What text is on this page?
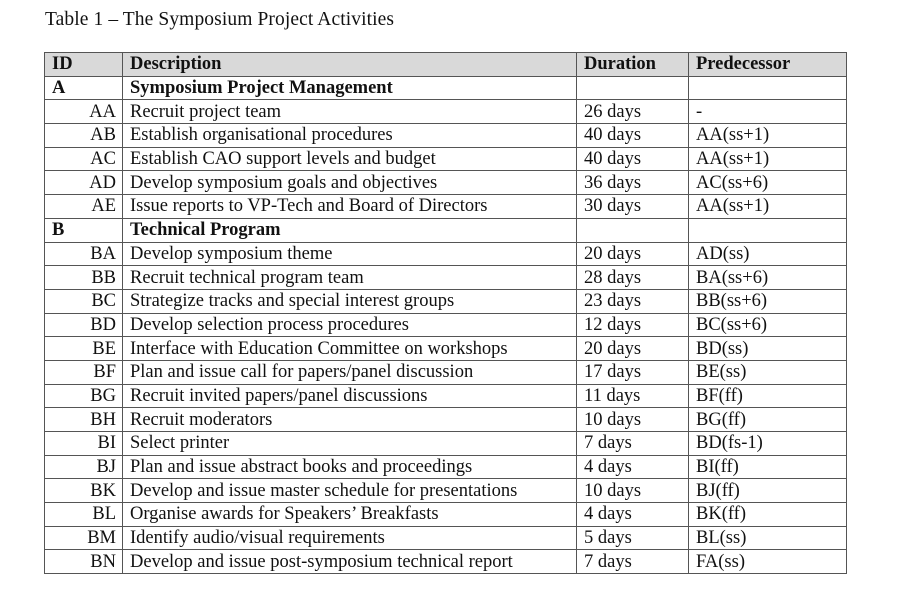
Table 1 – The Symposium Project Activities
ID	Description	Duration	Predecessor
A	Symposium Project Management		
AA	Recruit project team	26 days	-
AB	Establish organisational procedures	40 days	AA(ss+1)
AC	Establish CAO support levels and budget	40 days	AA(ss+1)
AD	Develop symposium goals and objectives	36 days	AC(ss+6)
AE	Issue reports to VP-Tech and Board of Directors	30 days	AA(ss+1)
B	Technical Program		
BA	Develop symposium theme	20 days	AD(ss)
BB	Recruit technical program team	28 days	BA(ss+6)
BC	Strategize tracks and special interest groups	23 days	BB(ss+6)
BD	Develop selection process procedures	12 days	BC(ss+6)
BE	Interface with Education Committee on workshops	20 days	BD(ss)
BF	Plan and issue call for papers/panel discussion	17 days	BE(ss)
BG	Recruit invited papers/panel discussions	11 days	BF(ff)
BH	Recruit moderators	10 days	BG(ff)
BI	Select printer	7 days	BD(fs-1)
BJ	Plan and issue abstract books and proceedings	4 days	BI(ff)
BK	Develop and issue master schedule for presentations	10 days	BJ(ff)
BL	Organise awards for Speakers’ Breakfasts	4 days	BK(ff)
BM	Identify audio/visual requirements	5 days	BL(ss)
BN	Develop and issue post-symposium technical report	7 days	FA(ss)
